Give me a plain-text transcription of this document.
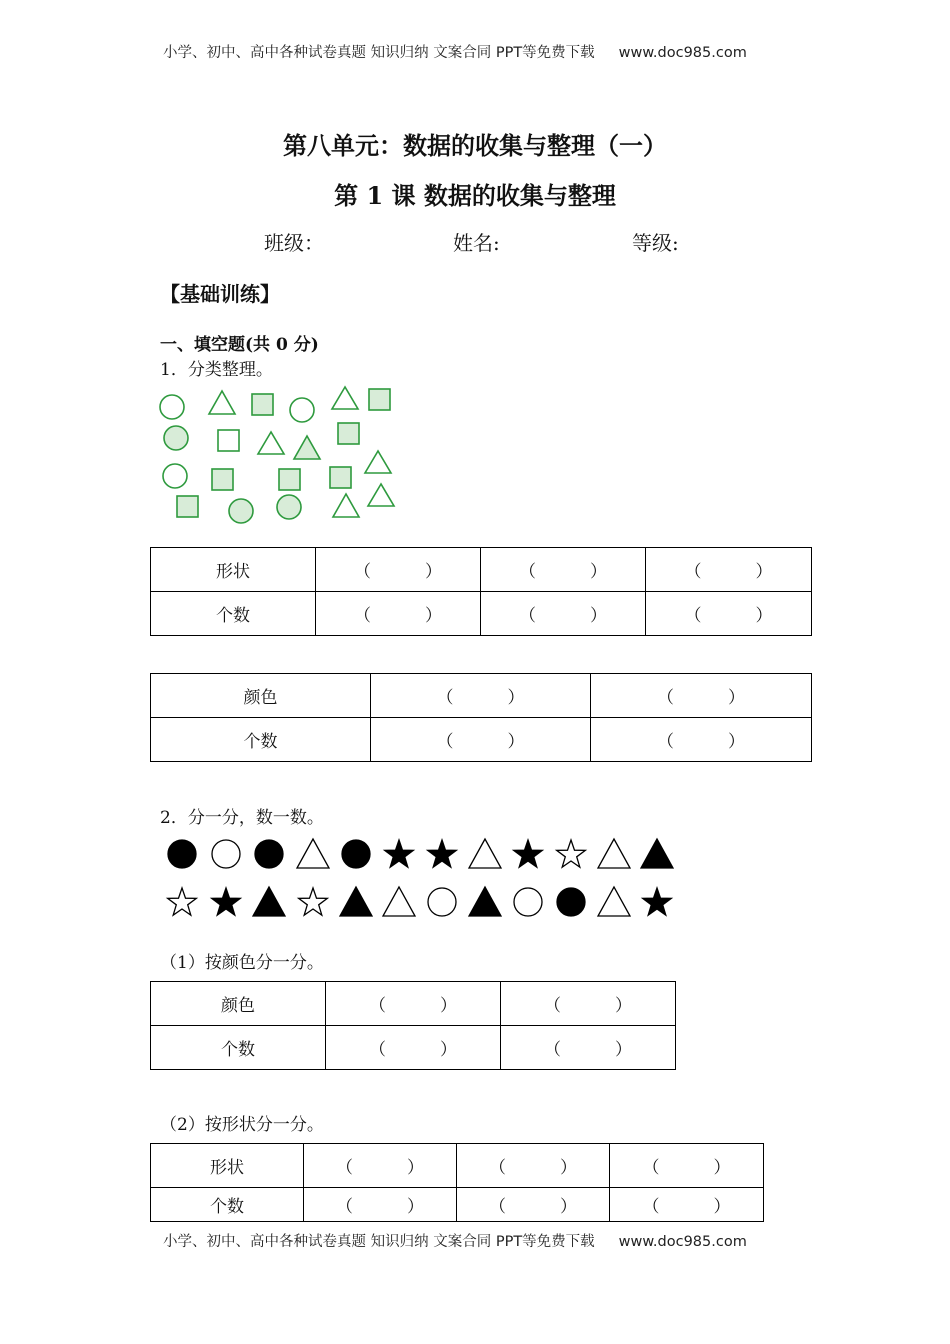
小学、初中、高中各种试卷真题 知识归纳 文案合同 PPT等免费下载 www.doc985.com
第八单元：数据的收集与整理（一）
第 1 课 数据的收集与整理
班级：	姓名:	等级:
【基础训练】
一、填空题(共 0 分)
1．分类整理。
形状	（          ）	（          ）	（          ）
个数	（          ）	（          ）	（          ）
颜色	（          ）	（          ）
个数	（          ）	（          ）
2．分一分，数一数。
（1）按颜色分一分。
颜色	（          ）	（          ）
个数	（          ）	（          ）
（2）按形状分一分。
形状	（          ）	（          ）	（          ）
个数	（          ）	（          ）	（          ）
小学、初中、高中各种试卷真题 知识归纳 文案合同 PPT等免费下载 www.doc985.com
